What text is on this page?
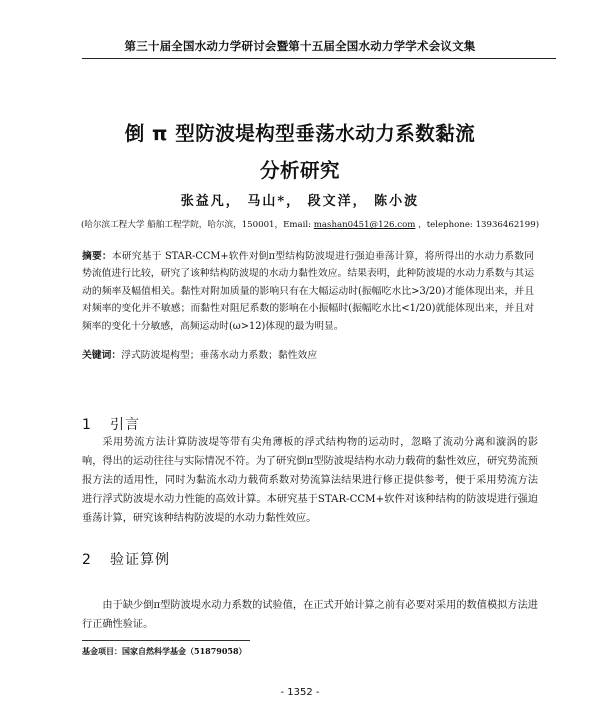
第三十届全国水动力学研讨会暨第十五届全国水动力学学术会议文集
倒 π 型防波堤构型垂荡水动力系数黏流
分析研究
张益凡， 马山*， 段文洋， 陈小波
(哈尔滨工程大学 船舶工程学院，哈尔滨，150001，Email: mashan0451@126.com ，telephone: 13936462199)
摘要：本研究基于 STAR-CCM+软件对倒π型结构防波堤进行强迫垂荡计算，将所得出的水动力系数同势流值进行比较，研究了该种结构防波堤的水动力黏性效应。结果表明，此种防波堤的水动力系数与其运动的频率及幅值相关。黏性对附加质量的影响只有在大幅运动时(振幅吃水比>3/20)才能体现出来，并且对频率的变化并不敏感；而黏性对阻尼系数的影响在小振幅时(振幅吃水比<1/20)就能体现出来，并且对频率的变化十分敏感，高频运动时(ω>12)体现的最为明显。
关键词：浮式防波堤构型；垂荡水动力系数；黏性效应
1 引言
采用势流方法计算防波堤等带有尖角薄板的浮式结构物的运动时，忽略了流动分离和漩涡的影响，得出的运动往往与实际情况不符。为了研究倒π型防波堤结构水动力载荷的黏性效应，研究势流预报方法的适用性，同时为黏流水动力载荷系数对势流算法结果进行修正提供参考，便于采用势流方法进行浮式防波堤水动力性能的高效计算。本研究基于STAR-CCM+软件对该种结构的防波堤进行强迫垂荡计算，研究该种结构防波堤的水动力黏性效应。
2 验证算例
由于缺少倒π型防波堤水动力系数的试验值，在正式开始计算之前有必要对采用的数值模拟方法进行正确性验证。
基金项目：国家自然科学基金（51879058）
- 1352 -
